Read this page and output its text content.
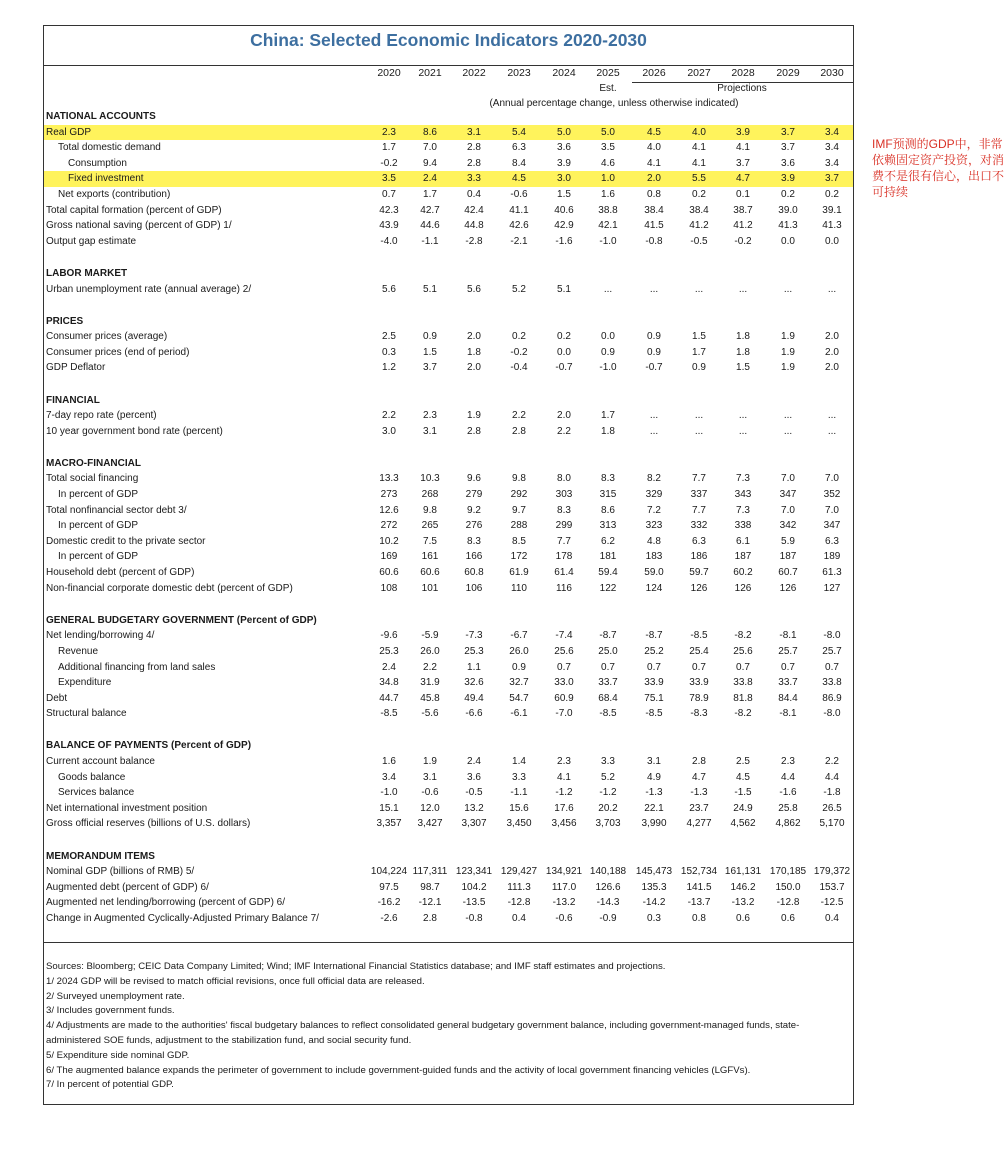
China: Selected Economic Indicators 2020-2030
2020	2021	2022	2023	2024	2025	2026	2027	2028	2029	2030
Est.	Projections
(Annual percentage change, unless otherwise indicated)
NATIONAL ACCOUNTS
Real GDP	2.3	8.6	3.1	5.4	5.0	5.0	4.5	4.0	3.9	3.7	3.4
Total domestic demand	1.7	7.0	2.8	6.3	3.6	3.5	4.0	4.1	4.1	3.7	3.4
Consumption	-0.2	9.4	2.8	8.4	3.9	4.6	4.1	4.1	3.7	3.6	3.4
Fixed investment	3.5	2.4	3.3	4.5	3.0	1.0	2.0	5.5	4.7	3.9	3.7
Net exports (contribution)	0.7	1.7	0.4	-0.6	1.5	1.6	0.8	0.2	0.1	0.2	0.2
Total capital formation (percent of GDP)	42.3	42.7	42.4	41.1	40.6	38.8	38.4	38.4	38.7	39.0	39.1
Gross national saving (percent of GDP) 1/	43.9	44.6	44.8	42.6	42.9	42.1	41.5	41.2	41.2	41.3	41.3
Output gap estimate	-4.0	-1.1	-2.8	-2.1	-1.6	-1.0	-0.8	-0.5	-0.2	0.0	0.0
LABOR MARKET
Urban unemployment rate (annual average) 2/	5.6	5.1	5.6	5.2	5.1	...	...	...	...	...	...
PRICES
Consumer prices (average)	2.5	0.9	2.0	0.2	0.2	0.0	0.9	1.5	1.8	1.9	2.0
Consumer prices (end of period)	0.3	1.5	1.8	-0.2	0.0	0.9	0.9	1.7	1.8	1.9	2.0
GDP Deflator	1.2	3.7	2.0	-0.4	-0.7	-1.0	-0.7	0.9	1.5	1.9	2.0
FINANCIAL
7-day repo rate (percent)	2.2	2.3	1.9	2.2	2.0	1.7	...	...	...	...	...
10 year government bond rate (percent)	3.0	3.1	2.8	2.8	2.2	1.8	...	...	...	...	...
MACRO-FINANCIAL
Total social financing	13.3	10.3	9.6	9.8	8.0	8.3	8.2	7.7	7.3	7.0	7.0
In percent of GDP	273	268	279	292	303	315	329	337	343	347	352
Total nonfinancial sector debt 3/	12.6	9.8	9.2	9.7	8.3	8.6	7.2	7.7	7.3	7.0	7.0
In percent of GDP	272	265	276	288	299	313	323	332	338	342	347
Domestic credit to the private sector	10.2	7.5	8.3	8.5	7.7	6.2	4.8	6.3	6.1	5.9	6.3
In percent of GDP	169	161	166	172	178	181	183	186	187	187	189
Household debt (percent of GDP)	60.6	60.6	60.8	61.9	61.4	59.4	59.0	59.7	60.2	60.7	61.3
Non-financial corporate domestic debt (percent of GDP)	108	101	106	110	116	122	124	126	126	126	127
GENERAL BUDGETARY GOVERNMENT (Percent of GDP)
Net lending/borrowing 4/	-9.6	-5.9	-7.3	-6.7	-7.4	-8.7	-8.7	-8.5	-8.2	-8.1	-8.0
Revenue	25.3	26.0	25.3	26.0	25.6	25.0	25.2	25.4	25.6	25.7	25.7
Additional financing from land sales	2.4	2.2	1.1	0.9	0.7	0.7	0.7	0.7	0.7	0.7	0.7
Expenditure	34.8	31.9	32.6	32.7	33.0	33.7	33.9	33.9	33.8	33.7	33.8
Debt	44.7	45.8	49.4	54.7	60.9	68.4	75.1	78.9	81.8	84.4	86.9
Structural balance	-8.5	-5.6	-6.6	-6.1	-7.0	-8.5	-8.5	-8.3	-8.2	-8.1	-8.0
BALANCE OF PAYMENTS (Percent of GDP)
Current account balance	1.6	1.9	2.4	1.4	2.3	3.3	3.1	2.8	2.5	2.3	2.2
Goods balance	3.4	3.1	3.6	3.3	4.1	5.2	4.9	4.7	4.5	4.4	4.4
Services balance	-1.0	-0.6	-0.5	-1.1	-1.2	-1.2	-1.3	-1.3	-1.5	-1.6	-1.8
Net international investment position	15.1	12.0	13.2	15.6	17.6	20.2	22.1	23.7	24.9	25.8	26.5
Gross official reserves (billions of U.S. dollars)	3,357	3,427	3,307	3,450	3,456	3,703	3,990	4,277	4,562	4,862	5,170
MEMORANDUM ITEMS
Nominal GDP (billions of RMB) 5/	104,224 117,311 123,341 129,427 134,921 140,188 145,473 152,734 161,131 170,185 179,372
Augmented debt (percent of GDP) 6/	97.5	98.7	104.2	111.3	117.0	126.6	135.3	141.5	146.2	150.0	153.7
Augmented net lending/borrowing (percent of GDP) 6/	-16.2	-12.1	-13.5	-12.8	-13.2	-14.3	-14.2	-13.7	-13.2	-12.8	-12.5
Change in Augmented Cyclically-Adjusted Primary Balance 7/	-2.6	2.8	-0.8	0.4	-0.6	-0.9	0.3	0.8	0.6	0.6	0.4
Sources: Bloomberg; CEIC Data Company Limited; Wind; IMF International Financial Statistics database; and IMF staff estimates and projections.
1/ 2024 GDP will be revised to match official revisions, once full official data are released.
2/ Surveyed unemployment rate.
3/ Includes government funds.
4/ Adjustments are made to the authorities' fiscal budgetary balances to reflect consolidated general budgetary government balance, including government-managed funds, state-administered SOE funds, adjustment to the stabilization fund, and social security fund.
5/ Expenditure side nominal GDP.
6/ The augmented balance expands the perimeter of government to include government-guided funds and the activity of local government financing vehicles (LGFVs).
7/ In percent of potential GDP.
IMF预测的GDP中，非常依赖固定资产投资，对消费不是很有信心，出口不可持续
